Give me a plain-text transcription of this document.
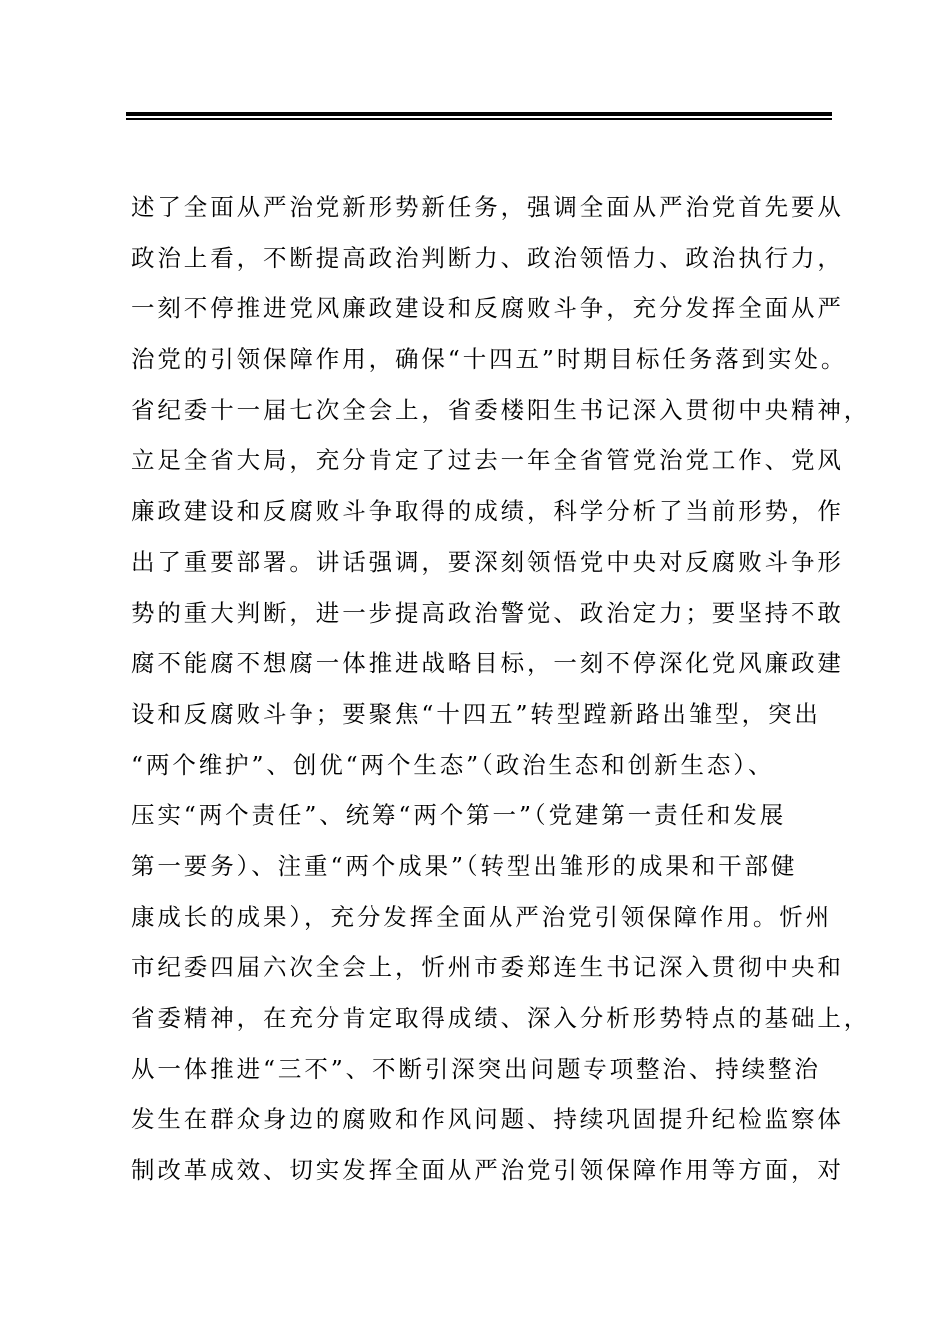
述了全面从严治党新形势新任务，强调全面从严治党首先要从
政治上看，不断提高政治判断力、政治领悟力、政治执行力，
一刻不停推进党风廉政建设和反腐败斗争，充分发挥全面从严
治党的引领保障作用，确保“十四五”时期目标任务落到实处。
省纪委十一届七次全会上，省委楼阳生书记深入贯彻中央精神，
立足全省大局，充分肯定了过去一年全省管党治党工作、党风
廉政建设和反腐败斗争取得的成绩，科学分析了当前形势，作
出了重要部署。讲话强调，要深刻领悟党中央对反腐败斗争形
势的重大判断，进一步提高政治警觉、政治定力；要坚持不敢
腐不能腐不想腐一体推进战略目标，一刻不停深化党风廉政建
设和反腐败斗争；要聚焦“十四五”转型蹚新路出雏型，突出
“两个维护”、创优“两个生态”（政治生态和创新生态）、
压实“两个责任”、统筹“两个第一”（党建第一责任和发展
第一要务）、注重“两个成果”（转型出雏形的成果和干部健
康成长的成果），充分发挥全面从严治党引领保障作用。忻州
市纪委四届六次全会上，忻州市委郑连生书记深入贯彻中央和
省委精神，在充分肯定取得成绩、深入分析形势特点的基础上，
从一体推进“三不”、不断引深突出问题专项整治、持续整治
发生在群众身边的腐败和作风问题、持续巩固提升纪检监察体
制改革成效、切实发挥全面从严治党引领保障作用等方面，对
